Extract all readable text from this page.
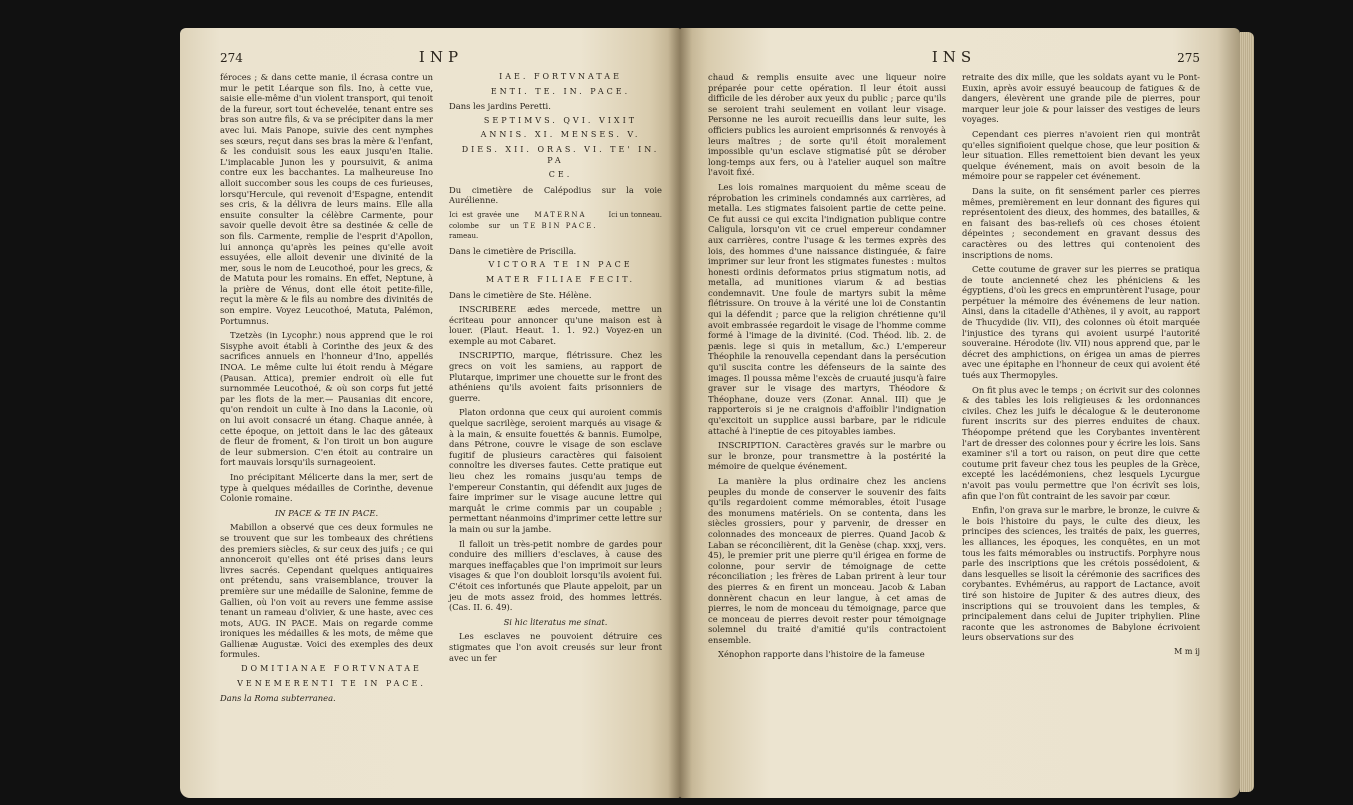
274	INP

féroces ; & dans cette manie, il écrasa contre un mur le petit Léarque son fils. Ino, à cette vue, saisie elle-même d'un violent transport, qui tenoit de la fureur, sort tout échevelée, tenant entre ses bras son autre fils, & va se précipiter dans la mer avec lui. Mais Panope, suivie des cent nymphes ses sœurs, reçut dans ses bras la mère & l'enfant, & les conduisit sous les eaux jusqu'en Italie. L'implacable Junon les y poursuivit, & anima contre eux les bacchantes. La malheureuse Ino alloit succomber sous les coups de ces furieuses, lorsqu'Hercule, qui revenoit d'Espagne, entendit ses cris, & la délivra de leurs mains. Elle alla ensuite consulter la célèbre Carmente, pour savoir quelle devoit être sa destinée & celle de son fils. Carmente, remplie de l'esprit d'Apollon, lui annonça qu'après les peines qu'elle avoit essuyées, elle alloit devenir une divinité de la mer, sous le nom de Leucothoé, pour les grecs, & de Matuta pour les romains. En effet, Neptune, à la prière de Vénus, dont elle étoit petite-fille, reçut la mère & le fils au nombre des divinités de son empire. Voyez Leucothoé, Matuta, Palémon, Portumnus.

Tzetzès (in Lycophr.) nous apprend que le roi Sisyphe avoit établi à Corinthe des jeux & des sacrifices annuels en l'honneur d'Ino, appellés INOA. Le même culte lui étoit rendu à Mégare (Pausan. Attica), premier endroit où elle fut surnommée Leucothoé, & où son corps fut jetté par les flots de la mer.— Pausanias dit encore, qu'on rendoit un culte à Ino dans la Laconie, où on lui avoit consacré un étang. Chaque année, à cette époque, on jettoit dans le lac des gâteaux de fleur de froment, & l'on tiroit un bon augure de leur submersion. C'en étoit au contraire un fort mauvais lorsqu'ils surnageoient.

Ino précipitant Mélicerte dans la mer, sert de type à quelques médailles de Corinthe, devenue Colonie romaine.

IN PACE & TE IN PACE.

Mabillon a observé que ces deux formules ne se trouvent que sur les tombeaux des chrétiens des premiers siècles, & sur ceux des juifs ; ce qui annonceroit qu'elles ont été prises dans leurs livres sacrés. Cependant quelques antiquaires ont prétendu, sans vraisemblance, trouver la première sur une médaille de Salonine, femme de Gallien, où l'on voit au revers une femme assise tenant un rameau d'olivier, & une haste, avec ces mots, AUG. IN PACE. Mais on regarde comme ironiques les médailles & les mots, de même que Gallienæ Augustæ. Voici des exemples des deux formules.

DOMITIANAE FORTVNATAE

VENEMERENTI TE IN PACE.

Dans la Roma subterranea.

IAE. FORTVNATAE

ENTI. TE. IN. PACE.

Dans les jardins Peretti.

SEPTIMVS. QVI. VIXIT

ANNIS. XI. MENSES. V.

DIES. XII. ORAS. VI. TE' IN. PA

CE.

Du cimetière de Calépodius sur la voie Aurélienne.

Ici est gravée une colombe sur un rameau.
MATERNA
TE BIN PACE.
Ici un tonneau.

Dans le cimetière de Priscilla.

VICTORA TE IN PACE

MATER FILIAE FECIT.

Dans le cimetière de Ste. Hélène.

INSCRIBERE ædes mercede, mettre un écriteau pour annoncer qu'une maison est à louer. (Plaut. Heaut. 1. 1. 92.) Voyez-en un exemple au mot Cabaret.

INSCRIPTIO, marque, flétrissure. Chez les grecs on voit les samiens, au rapport de Plutarque, imprimer une chouette sur le front des athéniens qu'ils avoient faits prisonniers de guerre.

Platon ordonna que ceux qui auroient commis quelque sacrilège, seroient marqués au visage & à la main, & ensuite fouettés & bannis. Eumolpe, dans Pétrone, couvre le visage de son esclave fugitif de plusieurs caractères qui faisoient connoître les diverses fautes. Cette pratique eut lieu chez les romains jusqu'au temps de l'empereur Constantin, qui défendit aux juges de faire imprimer sur le visage aucune lettre qui marquât le crime commis par un coupable ; permettant néanmoins d'imprimer cette lettre sur la main ou sur la jambe.

Il falloit un très-petit nombre de gardes pour conduire des milliers d'esclaves, à cause des marques ineffaçables que l'on imprimoit sur leurs visages & que l'on doubloit lorsqu'ils avoient fui. C'étoit ces infortunés que Plaute appeloit, par un jeu de mots assez froid, des hommes lettrés. (Cas. II. 6. 49).

Si hic literatus me sinat.

Les esclaves ne pouvoient détruire ces stigmates que l'on avoit creusés sur leur front avec un fer

INS	275

chaud & remplis ensuite avec une liqueur noire préparée pour cette opération. Il leur étoit aussi difficile de les dérober aux yeux du public ; parce qu'ils se seroient trahi seulement en voilant leur visage. Personne ne les auroit recueillis dans leur suite, les officiers publics les auroient emprisonnés & renvoyés à leurs maîtres ; de sorte qu'il étoit moralement impossible qu'un esclave stigmatisé pût se dérober long-temps aux fers, ou à l'atelier auquel son maître l'avoit fixé.

Les lois romaines marquoient du même sceau de réprobation les criminels condamnés aux carrières, ad metalla. Les stigmates faisoient partie de cette peine. Ce fut aussi ce qui excita l'indignation publique contre Caligula, lorsqu'on vit ce cruel empereur condamner aux carrières, contre l'usage & les termes exprès des lois, des hommes d'une naissance distinguée, & faire imprimer sur leur front les stigmates funestes : multos honesti ordinis deformatos prius stigmatum notis, ad metalla, ad munitiones viarum & ad bestias condemnavit. Une foule de martyrs subit la même flétrissure. On trouve à la vérité une loi de Constantin qui la défendit ; parce que la religion chrétienne qu'il avoit embrassée regardoit le visage de l'homme comme formé à l'image de la divinité. (Cod. Théod. lib. 2. de pænis. lege si quis in metallum, &c.) L'empereur Théophile la renouvella cependant dans la persécution qu'il suscita contre les défenseurs de la sainte des images. Il poussa même l'excès de cruauté jusqu'à faire graver sur le visage des martyrs, Théodore & Théophane, douze vers (Zonar. Annal. III) que je rapporterois si je ne craignois d'affoiblir l'indignation qu'excitoit un supplice aussi barbare, par le ridicule attaché à l'ineptie de ces pitoyables iambes.

INSCRIPTION. Caractères gravés sur le marbre ou sur le bronze, pour transmettre à la postérité la mémoire de quelque événement.

La manière la plus ordinaire chez les anciens peuples du monde de conserver le souvenir des faits qu'ils regardoient comme mémorables, étoit l'usage des monumens matériels. On se contenta, dans les siècles grossiers, pour y parvenir, de dresser en colonnades des monceaux de pierres. Quand Jacob & Laban se réconcilièrent, dit la Genèse (chap. xxxj, vers. 45), le premier prit une pierre qu'il érigea en forme de colonne, pour servir de témoignage de cette réconciliation ; les frères de Laban prirent à leur tour des pierres & en firent un monceau. Jacob & Laban donnèrent chacun en leur langue, à cet amas de pierres, le nom de monceau du témoignage, parce que ce monceau de pierres devoit rester pour témoignage solemnel du traité d'amitié qu'ils contractoient ensemble.

Xénophon rapporte dans l'histoire de la fameuse

retraite des dix mille, que les soldats ayant vu le Pont-Euxin, après avoir essuyé beaucoup de fatigues & de dangers, élevèrent une grande pile de pierres, pour marquer leur joie & pour laisser des vestiges de leurs voyages.

Cependant ces pierres n'avoient rien qui montrât qu'elles signifioient quelque chose, que leur position & leur situation. Elles remettoient bien devant les yeux quelque événement, mais on avoit besoin de la mémoire pour se rappeler cet événement.

Dans la suite, on fit sensément parler ces pierres mêmes, premièrement en leur donnant des figures qui représentoient des dieux, des hommes, des batailles, & en faisant des bas-reliefs où ces choses étoient dépeintes ; secondement en gravant dessus des caractères ou des lettres qui contenoient des inscriptions de noms.

Cette coutume de graver sur les pierres se pratiqua de toute ancienneté chez les phéniciens & les égyptiens, d'où les grecs en empruntèrent l'usage, pour perpétuer la mémoire des événemens de leur nation. Ainsi, dans la citadelle d'Athènes, il y avoit, au rapport de Thucydide (liv. VII), des colonnes où étoit marquée l'injustice des tyrans qui avoient usurpé l'autorité souveraine. Hérodote (liv. VII) nous apprend que, par le décret des amphictions, on érigea un amas de pierres avec une épitaphe en l'honneur de ceux qui avoient été tués aux Thermopyles.

On fit plus avec le temps ; on écrivit sur des colonnes & des tables les lois religieuses & les ordonnances civiles. Chez les juifs le décalogue & le deuteronome furent inscrits sur des pierres enduites de chaux. Théopompe prétend que les Corybantes inventèrent l'art de dresser des colonnes pour y écrire les lois. Sans examiner s'il a tort ou raison, on peut dire que cette coutume prit faveur chez tous les peuples de la Grèce, excepté les lacédémoniens, chez lesquels Lycurgue n'avoit pas voulu permettre que l'on écrivît ses lois, afin que l'on fût contraint de les savoir par cœur.

Enfin, l'on grava sur le marbre, le bronze, le cuivre & le bois l'histoire du pays, le culte des dieux, les principes des sciences, les traités de paix, les guerres, les alliances, les époques, les conquêtes, en un mot tous les faits mémorables ou instructifs. Porphyre nous parle des inscriptions que les crétois possédoient, & dans lesquelles se lisoit la cérémonie des sacrifices des corybantes. Evhémérus, au rapport de Lactance, avoit tiré son histoire de Jupiter & des autres dieux, des inscriptions qui se trouvoient dans les temples, & principalement dans celui de Jupiter triphylien. Pline raconte que les astronomes de Babylone écrivoient leurs observations sur des

M m ij
